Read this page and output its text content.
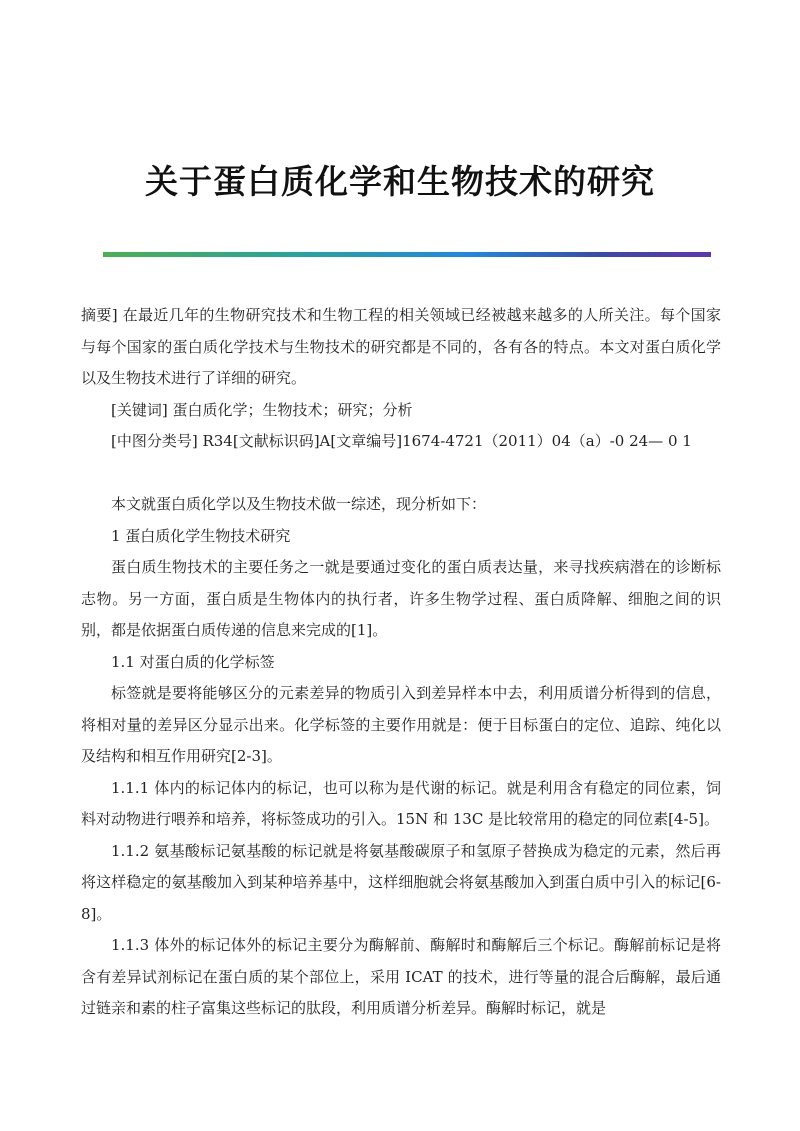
关于蛋白质化学和生物技术的研究

摘要] 在最近几年的生物研究技术和生物工程的相关领域已经被越来越多的人所关注。每个国家与每个国家的蛋白质化学技术与生物技术的研究都是不同的，各有各的特点。本文对蛋白质化学以及生物技术进行了详细的研究。

[关键词] 蛋白质化学；生物技术；研究；分析

[中图分类号] R34[文献标识码]A[文章编号]1674-4721（2011）04（a）-0 24— 0 1

本文就蛋白质化学以及生物技术做一综述，现分析如下：

1 蛋白质化学生物技术研究

蛋白质生物技术的主要任务之一就是要通过变化的蛋白质表达量，来寻找疾病潜在的诊断标志物。另一方面，蛋白质是生物体内的执行者，许多生物学过程、蛋白质降解、细胞之间的识别，都是依据蛋白质传递的信息来完成的[1]。

1.1 对蛋白质的化学标签

标签就是要将能够区分的元素差异的物质引入到差异样本中去，利用质谱分析得到的信息，将相对量的差异区分显示出来。化学标签的主要作用就是：便于目标蛋白的定位、追踪、纯化以及结构和相互作用研究[2-3]。

1.1.1 体内的标记体内的标记，也可以称为是代谢的标记。就是利用含有稳定的同位素，饲料对动物进行喂养和培养，将标签成功的引入。15N 和 13C 是比较常用的稳定的同位素[4-5]。

1.1.2 氨基酸标记氨基酸的标记就是将氨基酸碳原子和氢原子替换成为稳定的元素，然后再将这样稳定的氨基酸加入到某种培养基中，这样细胞就会将氨基酸加入到蛋白质中引入的标记[6-8]。

1.1.3 体外的标记体外的标记主要分为酶解前、酶解时和酶解后三个标记。酶解前标记是将含有差异试剂标记在蛋白质的某个部位上，采用 ICAT 的技术，进行等量的混合后酶解，最后通过链亲和素的柱子富集这些标记的肽段，利用质谱分析差异。酶解时标记，就是
